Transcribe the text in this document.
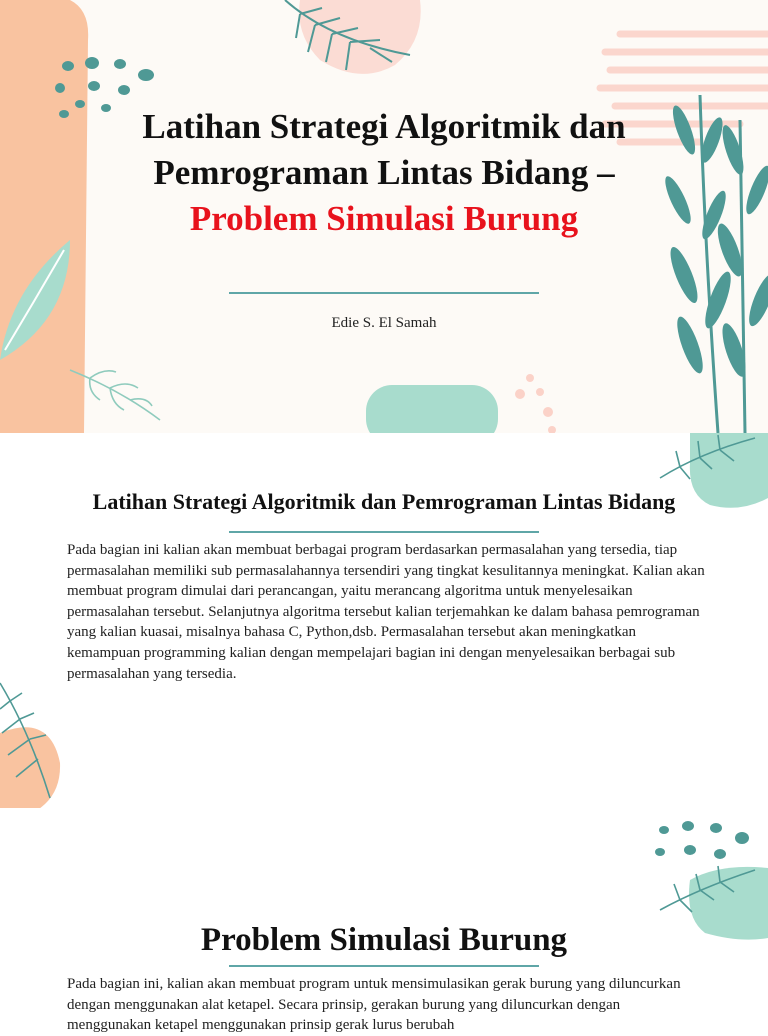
Latihan Strategi Algoritmik dan Pemrograman Lintas Bidang – Problem Simulasi Burung
Edie S. El Samah
Latihan Strategi Algoritmik dan Pemrograman Lintas Bidang
Pada bagian ini kalian akan membuat berbagai program berdasarkan permasalahan yang tersedia, tiap permasalahan memiliki sub permasalahannya tersendiri yang tingkat kesulitannya meningkat. Kalian akan membuat program dimulai dari perancangan, yaitu merancang algoritma untuk menyelesaikan permasalahan tersebut. Selanjutnya algoritma tersebut kalian terjemahkan ke dalam bahasa pemrograman yang kalian kuasai, misalnya bahasa C, Python,dsb. Permasalahan tersebut akan meningkatkan kemampuan programming kalian dengan mempelajari bagian ini dengan menyelesaikan berbagai sub permasalahan yang tersedia.
Problem Simulasi Burung
Pada bagian ini, kalian akan membuat program untuk mensimulasikan gerak burung yang diluncurkan dengan menggunakan alat ketapel. Secara prinsip, gerakan burung yang diluncurkan dengan menggunakan ketapel menggunakan prinsip gerak lurus berubah
